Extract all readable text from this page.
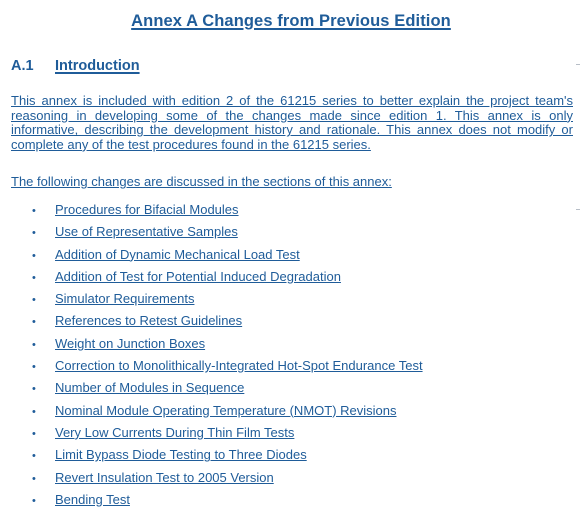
Annex A Changes from Previous Edition
A.1 Introduction
This annex is included with edition 2 of the 61215 series to better explain the project team's reasoning in developing some of the changes made since edition 1. This annex is only informative, describing the development history and rationale. This annex does not modify or complete any of the test procedures found in the 61215 series.
The following changes are discussed in the sections of this annex:
• Procedures for Bifacial Modules
• Use of Representative Samples
• Addition of Dynamic Mechanical Load Test
• Addition of Test for Potential Induced Degradation
• Simulator Requirements
• References to Retest Guidelines
• Weight on Junction Boxes
• Correction to Monolithically-Integrated Hot-Spot Endurance Test
• Number of Modules in Sequence
• Nominal Module Operating Temperature (NMOT) Revisions
• Very Low Currents During Thin Film Tests
• Limit Bypass Diode Testing to Three Diodes
• Revert Insulation Test to 2005 Version
• Bending Test
